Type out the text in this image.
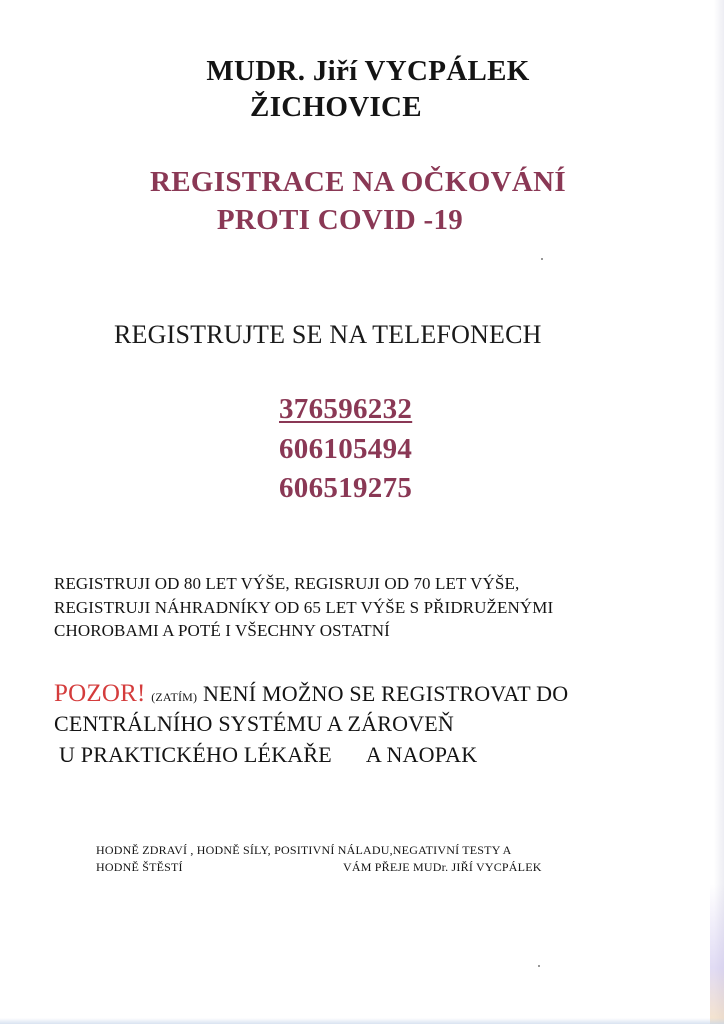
MUDR. Jiří VYCPÁLEK
ŽICHOVICE
REGISTRACE NA OČKOVÁNÍ
PROTI COVID -19
REGISTRUJTE SE NA TELEFONECH
376596232
606105494
606519275
REGISTRUJI OD 80 LET VÝŠE, REGISRUJI OD 70 LET VÝŠE,
REGISTRUJI NÁHRADNÍKY OD 65 LET VÝŠE S PŘIDRUŽENÝMI
CHOROBAMI A POTÉ I VŠECHNY OSTATNÍ
POZOR! (ZATÍM) NENÍ MOŽNO SE REGISTROVAT DO
CENTRÁLNÍHO SYSTÉMU A ZÁROVEŇ
U PRAKTICKÉHO LÉKAŘE A NAOPAK
HODNĚ ZDRAVÍ , HODNĚ SÍLY, POSITIVNÍ NÁLADU,NEGATIVNÍ TESTY A
HODNĚ ŠTĚSTÍ	VÁM PŘEJE MUDr. JIŘÍ VYCPÁLEK
